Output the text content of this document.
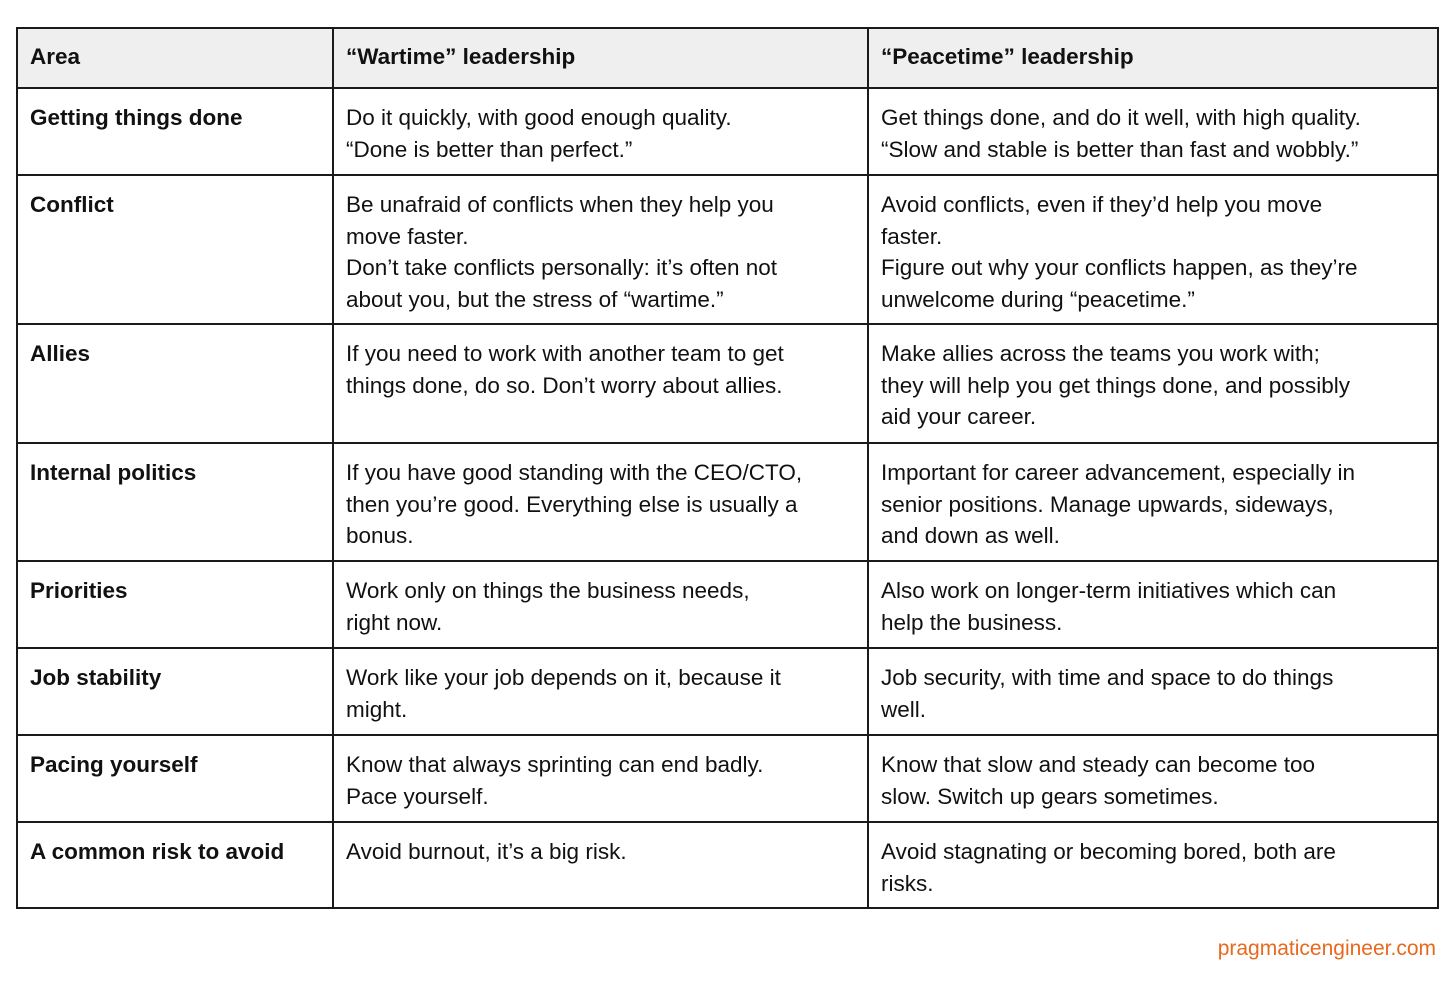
Area	“Wartime” leadership	“Peacetime” leadership
Getting things done	Do it quickly, with good enough quality.
“Done is better than perfect.”	Get things done, and do it well, with high quality.
“Slow and stable is better than fast and wobbly.”

Conflict	Be unafraid of conflicts when they help you
move faster.
Don’t take conflicts personally: it’s often not
about you, but the stress of “wartime.”	Avoid conflicts, even if they’d help you move
faster.
Figure out why your conflicts happen, as they’re
unwelcome during “peacetime.”

Allies	If you need to work with another team to get
things done, do so. Don’t worry about allies.	Make allies across the teams you work with;
they will help you get things done, and possibly
aid your career.

Internal politics	If you have good standing with the CEO/CTO,
then you’re good. Everything else is usually a
bonus.	Important for career advancement, especially in
senior positions. Manage upwards, sideways,
and down as well.

Priorities	Work only on things the business needs,
right now.	Also work on longer-term initiatives which can
help the business.

Job stability	Work like your job depends on it, because it
might.	Job security, with time and space to do things
well.

Pacing yourself	Know that always sprinting can end badly.
Pace yourself.	Know that slow and steady can become too
slow. Switch up gears sometimes.

A common risk to avoid	Avoid burnout, it’s a big risk.	Avoid stagnating or becoming bored, both are
risks.
pragmaticengineer.com
